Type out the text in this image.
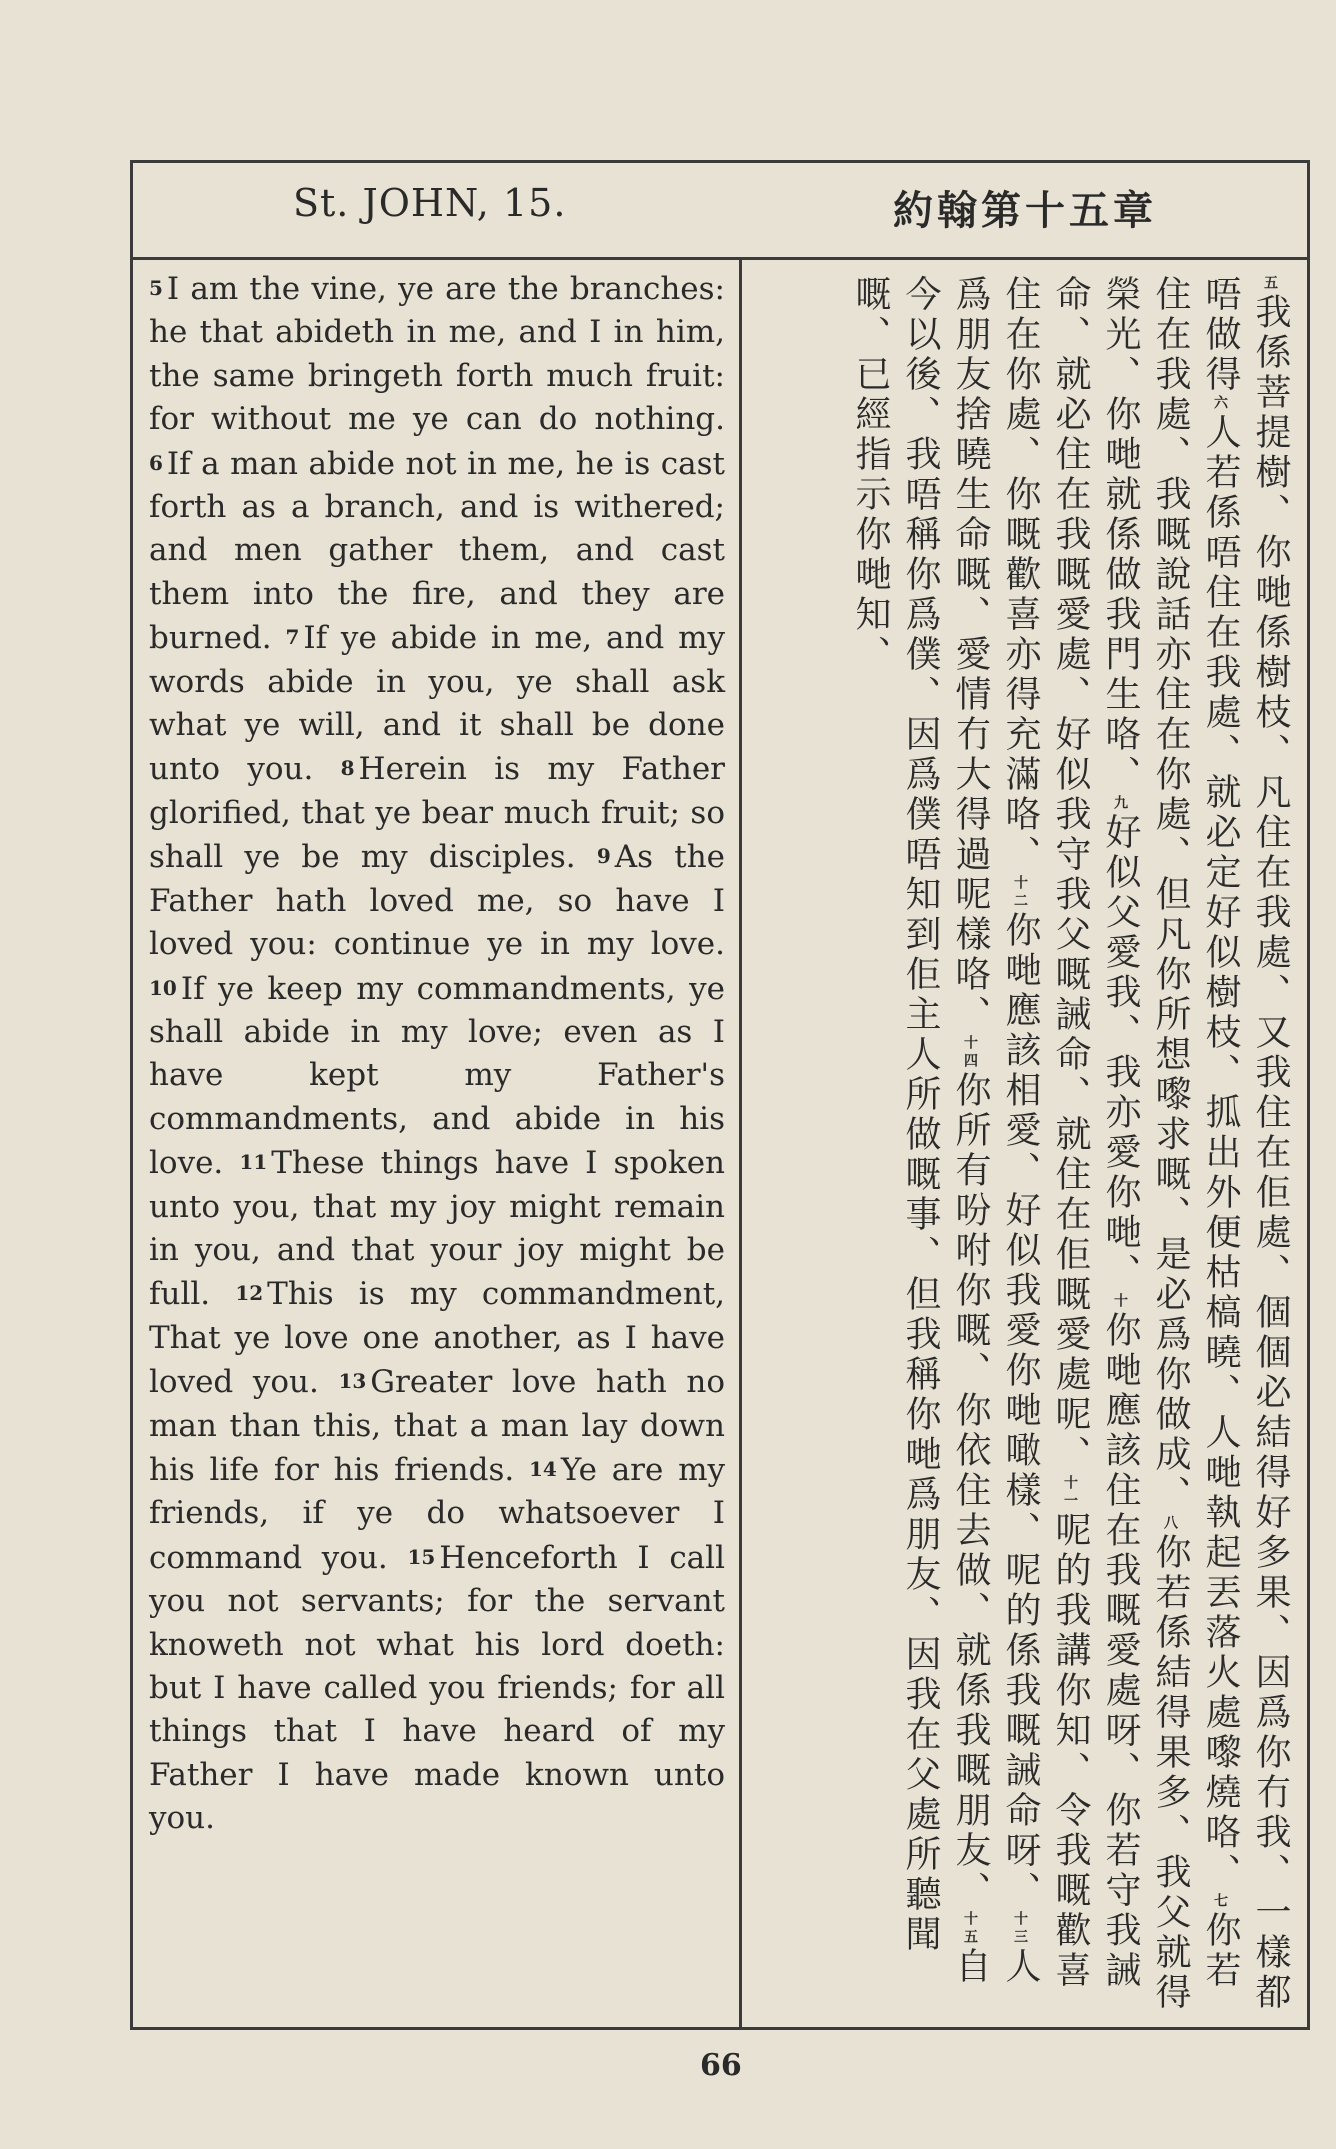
St. JOHN, 15.	約翰第十五章
5 I am the vine, ye are the branches: he that abideth in me, and I in him, the same bringeth forth much fruit: for without me ye can do nothing. 6 If a man abide not in me, he is cast forth as a branch, and is withered; and men gather them, and cast them into the fire, and they are burned. 7 If ye abide in me, and my words abide in you, ye shall ask what ye will, and it shall be done unto you. 8 Herein is my Father glorified, that ye bear much fruit; so shall ye be my disciples. 9 As the Father hath loved me, so have I loved you: continue ye in my love. 10 If ye keep my commandments, ye shall abide in my love; even as I have kept my Father's commandments, and abide in his love. 11 These things have I spoken unto you, that my joy might remain in you, and that your joy might be full. 12 This is my commandment, That ye love one another, as I have loved you. 13 Greater love hath no man than this, that a man lay down his life for his friends. 14 Ye are my friends, if ye do whatsoever I command you. 15 Henceforth I call you not servants; for the servant knoweth not what his lord doeth: but I have called you friends; for all things that I have heard of my Father I have made known unto you.
五我係菩提樹、你哋係樹枝、凡住在我處、又我住在佢處、個個必結得好多果、因爲你冇我、一樣都唔做得六人若係唔住在我處、就必定好似樹枝、㧓出外便枯槁曉、人哋執起丟落火處嚟燒咯、七你若住在我處、我嘅說話亦住在你處、但凡你所想嚟求嘅、是必爲你做成、八你若係結得果多、我父就得榮光、你哋就係做我門生咯、九好似父愛我、我亦愛你哋、十你哋應該住在我嘅愛處呀、你若守我誡命、就必住在我嘅愛處、好似我守我父嘅誡命、就住在佢嘅愛處呢、十一呢的我講你知、令我嘅歡喜住在你處、你嘅歡喜亦得充滿咯、十二你哋應該相愛、好似我愛你哋噉樣、呢的係我嘅誡命呀、十三人爲朋友捨曉生命嘅、愛情冇大得過呢樣咯、十四你所有吩咐你嘅、你依住去做、就係我嘅朋友、十五自今以後、我唔稱你爲僕、因爲僕唔知到佢主人所做嘅事、但我稱你哋爲朋友、因我在父處所聽聞嘅、已經指示你哋知、
66
